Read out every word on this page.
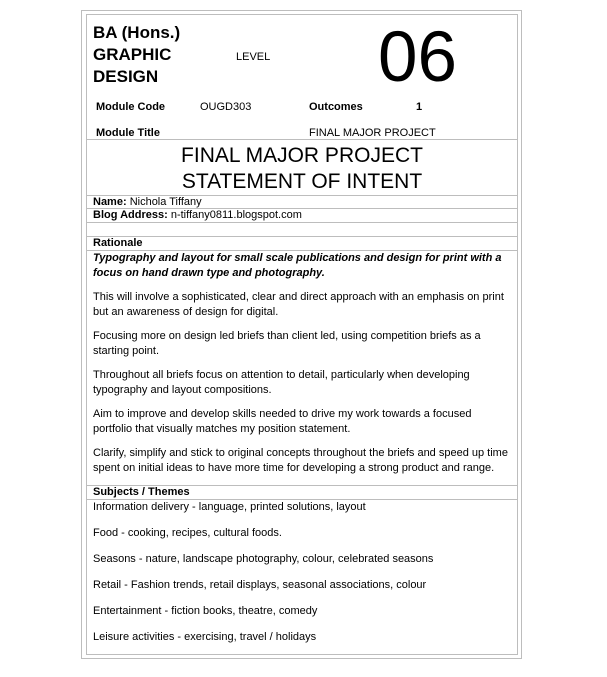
BA (Hons.) GRAPHIC DESIGN
LEVEL 06
Module Code	OUGD303	Outcomes	1
Module Title	FINAL MAJOR PROJECT
FINAL MAJOR PROJECT
STATEMENT OF INTENT
Name: Nichola Tiffany
Blog Address: n-tiffany0811.blogspot.com
Rationale
Typography and layout for small scale publications and design for print with a focus on hand drawn type and photography.
This will involve a sophisticated, clear and direct approach with an emphasis on print but an awareness of design for digital.
Focusing more on design led briefs than client led, using competition briefs as a starting point.
Throughout all briefs focus on attention to detail, particularly when developing typography and layout compositions.
Aim to improve and develop skills needed to drive my work towards a focused portfolio that visually matches my position statement.
Clarify, simplify and stick to original concepts throughout the briefs and speed up time spent on initial ideas to have more time for developing a strong product and range.
Subjects / Themes
Information delivery - language, printed solutions, layout
Food - cooking, recipes, cultural foods.
Seasons - nature, landscape photography, colour, celebrated seasons
Retail - Fashion trends, retail displays, seasonal associations, colour
Entertainment - fiction books, theatre, comedy
Leisure activities - exercising, travel / holidays
